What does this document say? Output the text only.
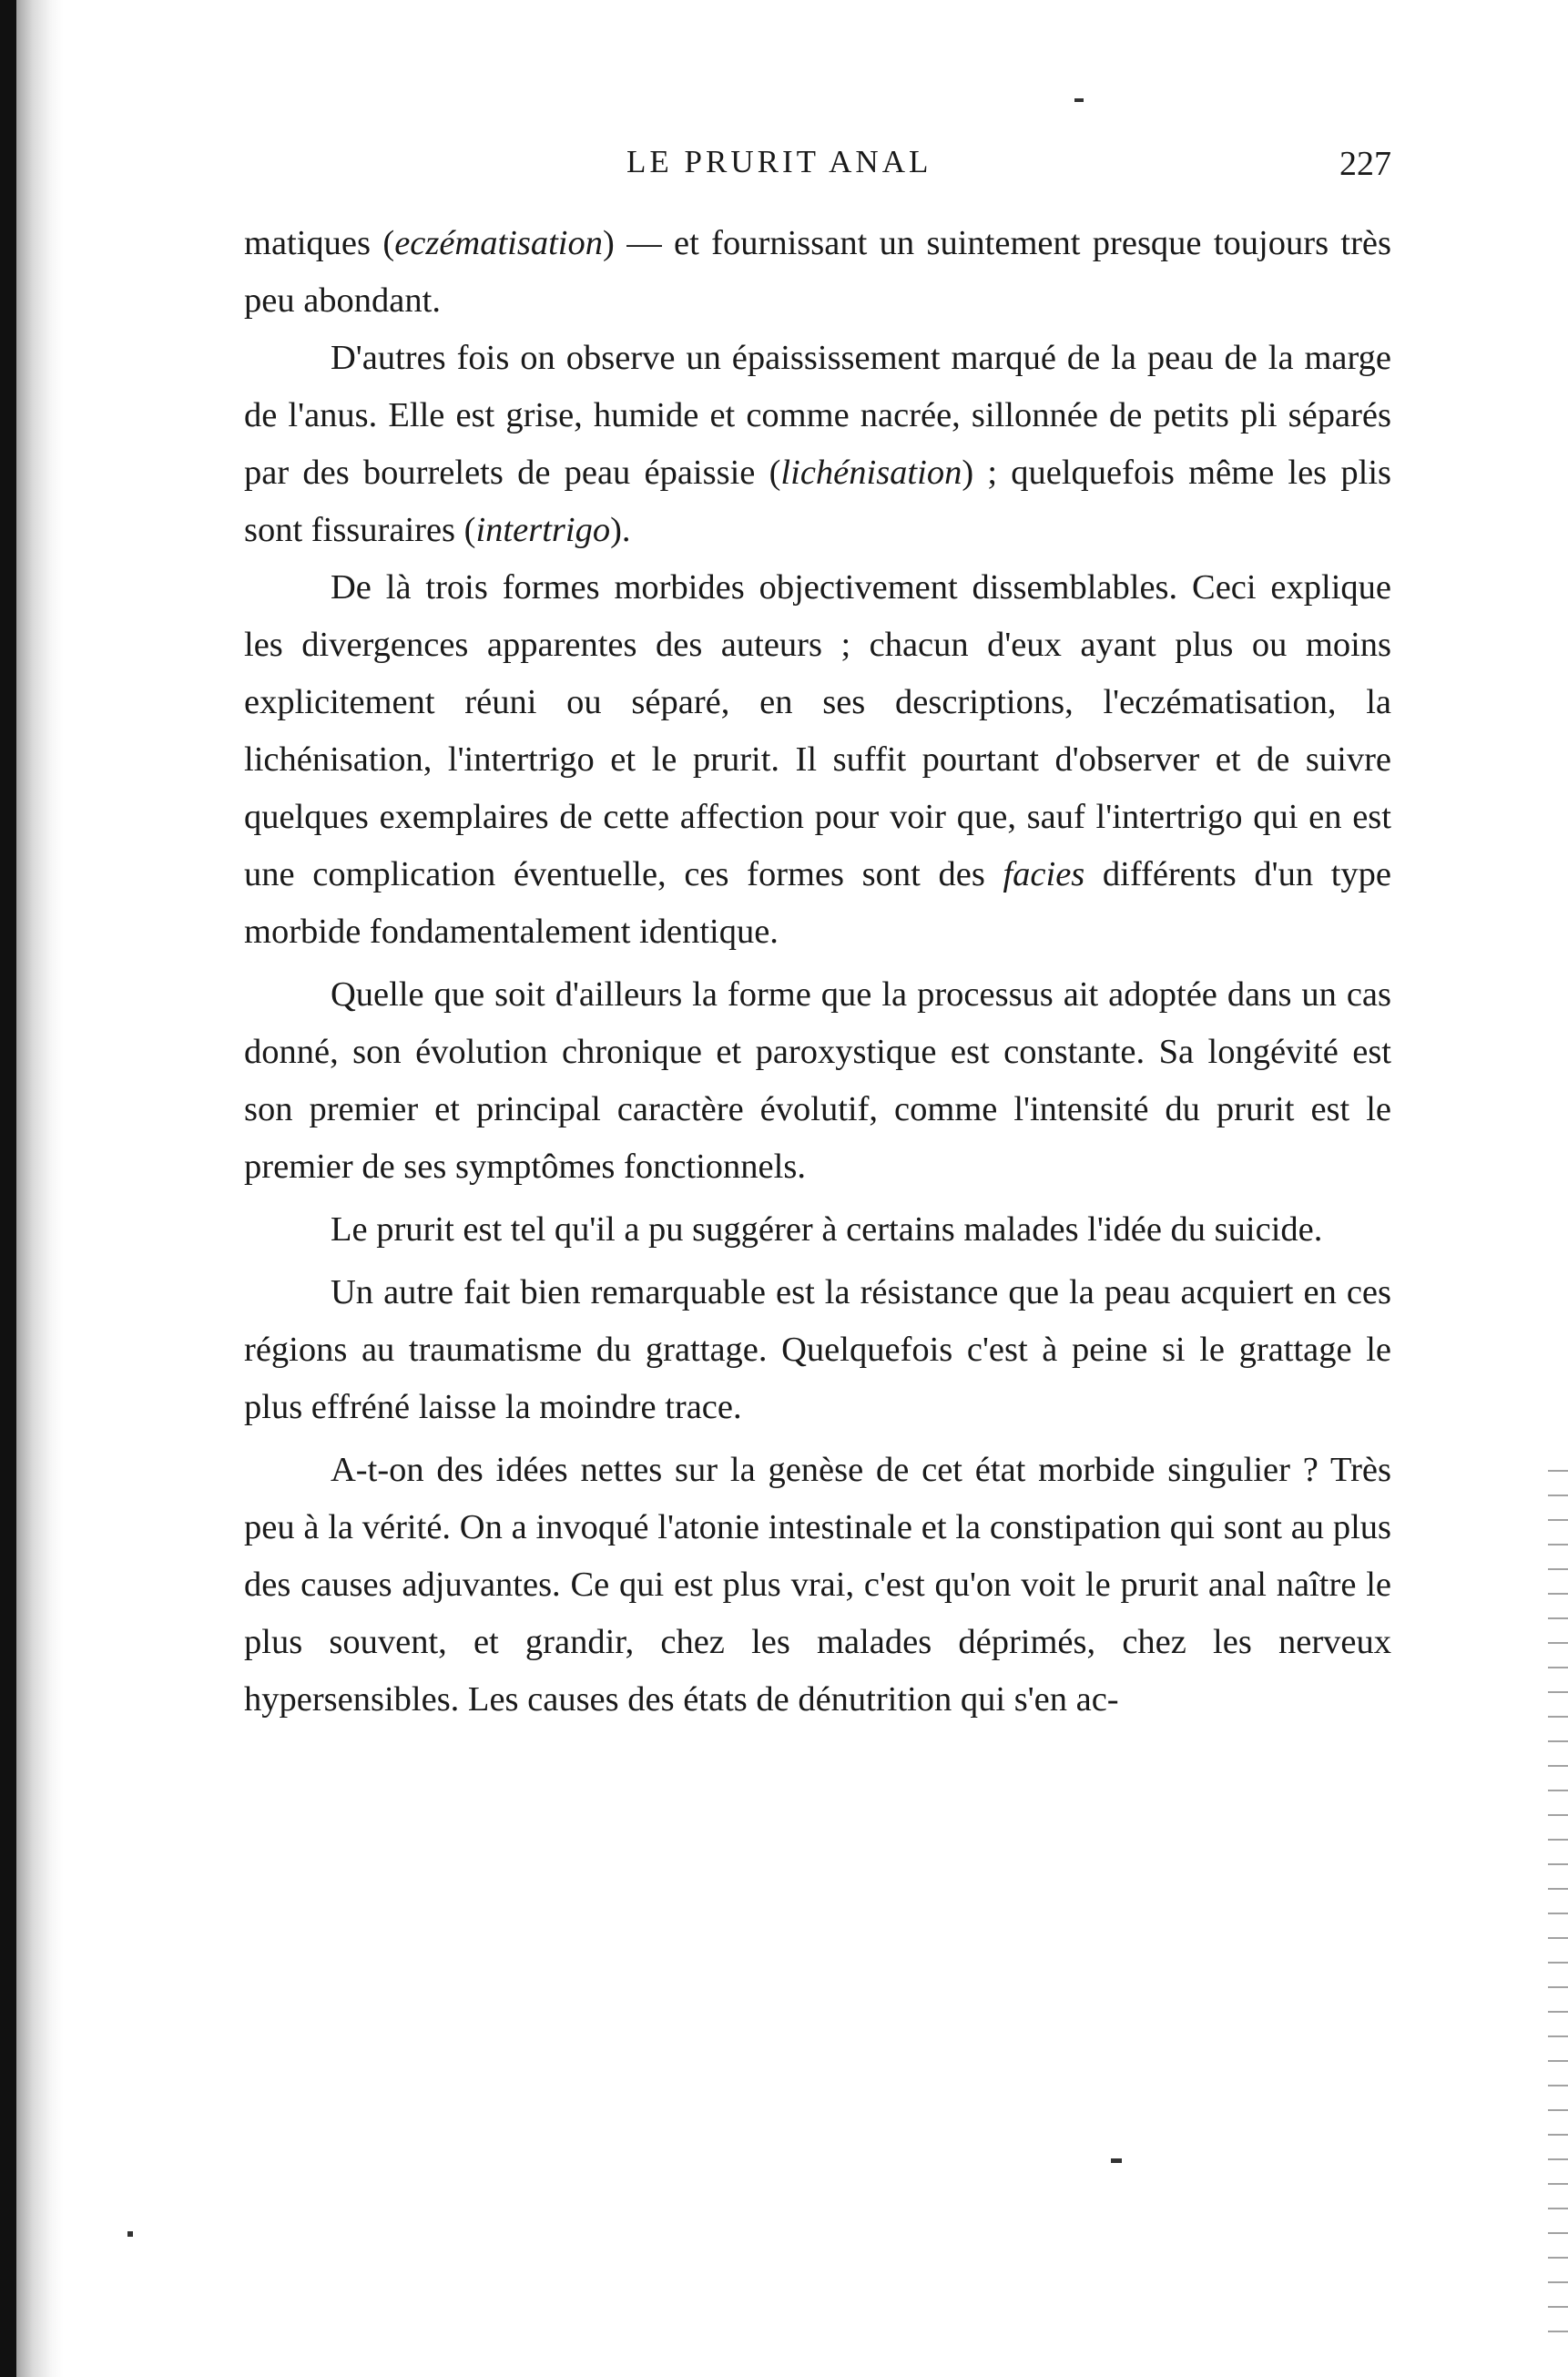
LE PRURIT ANAL	227

matiques (eczématisation) — et fournissant un suintement presque toujours très peu abondant.

D'autres fois on observe un épaississement marqué de la peau de la marge de l'anus. Elle est grise, humide et comme nacrée, sillonnée de petits pli séparés par des bourrelets de peau épaissie (lichénisation) ; quelquefois même les plis sont fissuraires (intertrigo).

De là trois formes morbides objectivement dissemblables. Ceci explique les divergences apparentes des auteurs ; chacun d'eux ayant plus ou moins explicitement réuni ou séparé, en ses descriptions, l'eczématisation, la lichénisation, l'intertrigo et le prurit. Il suffit pourtant d'observer et de suivre quelques exemplaires de cette affection pour voir que, sauf l'intertrigo qui en est une complication éventuelle, ces formes sont des facies différents d'un type morbide fondamentalement identique.

Quelle que soit d'ailleurs la forme que la processus ait adoptée dans un cas donné, son évolution chronique et paroxystique est constante. Sa longévité est son premier et principal caractère évolutif, comme l'intensité du prurit est le premier de ses symptômes fonctionnels.

Le prurit est tel qu'il a pu suggérer à certains malades l'idée du suicide.

Un autre fait bien remarquable est la résistance que la peau acquiert en ces régions au traumatisme du grattage. Quelquefois c'est à peine si le grattage le plus effréné laisse la moindre trace.

A-t-on des idées nettes sur la genèse de cet état morbide singulier ? Très peu à la vérité. On a invoqué l'atonie intestinale et la constipation qui sont au plus des causes adjuvantes. Ce qui est plus vrai, c'est qu'on voit le prurit anal naître le plus souvent, et grandir, chez les malades déprimés, chez les nerveux hypersensibles. Les causes des états de dénutrition qui s'en ac-
